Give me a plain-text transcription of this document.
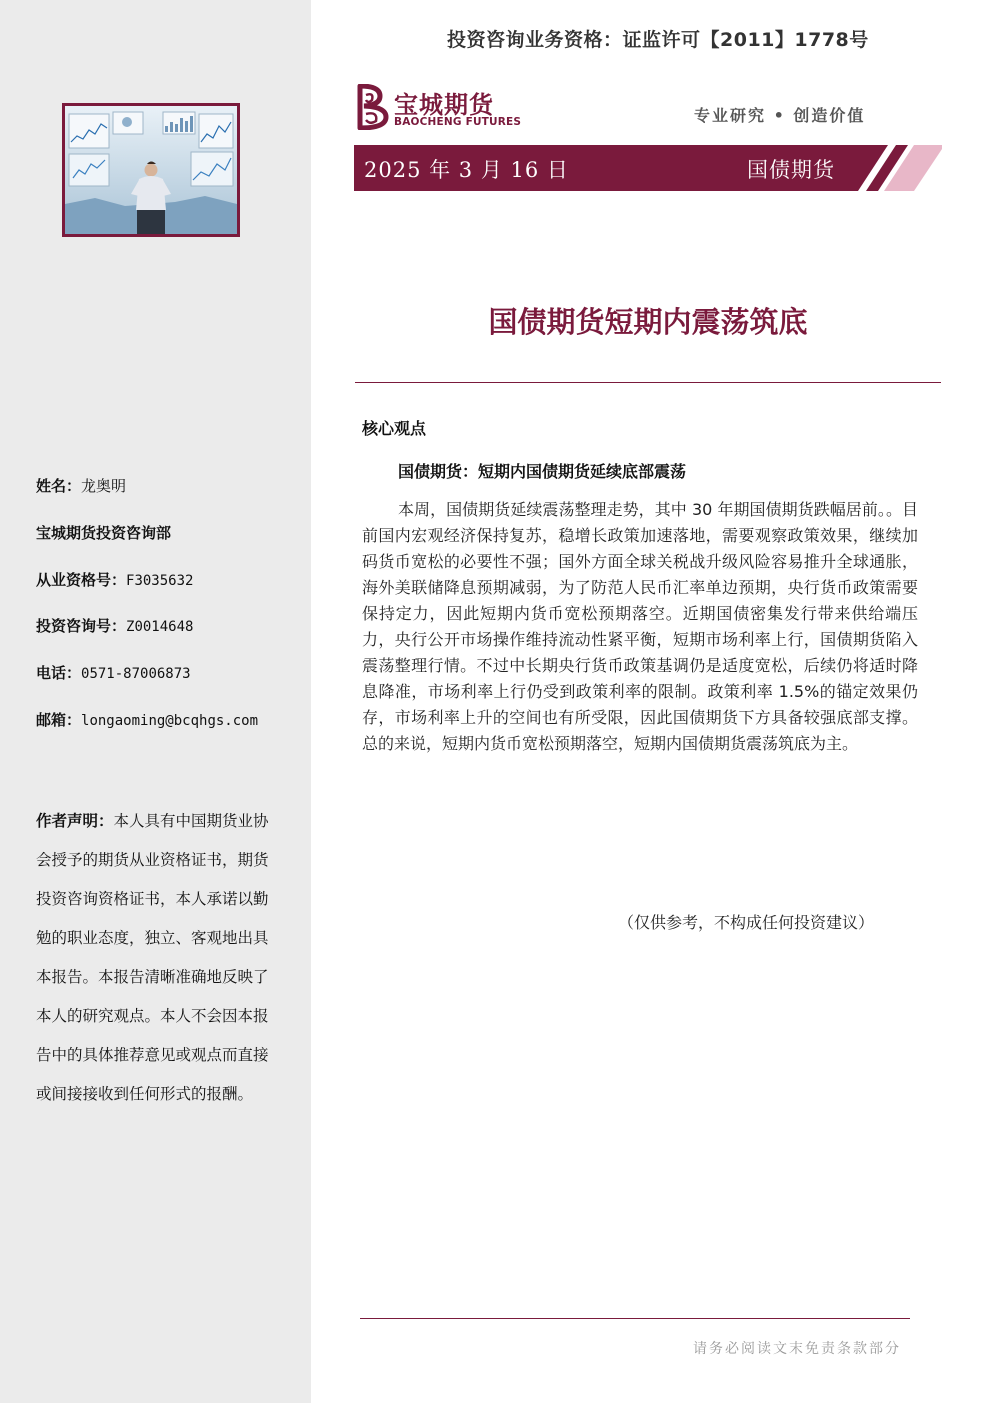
姓名：龙奥明
宝城期货投资咨询部
从业资格号：F3035632
投资咨询号：Z0014648
电话：0571-87006873
邮箱：longaoming@bcqhgs.com
作者声明：本人具有中国期货业协会授予的期货从业资格证书，期货投资咨询资格证书，本人承诺以勤勉的职业态度，独立、客观地出具本报告。本报告清晰准确地反映了本人的研究观点。本人不会因本报告中的具体推荐意见或观点而直接或间接接收到任何形式的报酬。
投资咨询业务资格：证监许可【2011】1778号
宝城期货
BAOCHENG FUTURES	专业研究 • 创造价值
2025 年 3 月 16 日	国债期货
国债期货短期内震荡筑底
核心观点
国债期货：短期内国债期货延续底部震荡
本周，国债期货延续震荡整理走势，其中 30 年期国债期货跌幅居前。。目前国内宏观经济保持复苏，稳增长政策加速落地，需要观察政策效果，继续加码货币宽松的必要性不强；国外方面全球关税战升级风险容易推升全球通胀，海外美联储降息预期减弱，为了防范人民币汇率单边预期，央行货币政策需要保持定力，因此短期内货币宽松预期落空。近期国债密集发行带来供给端压力，央行公开市场操作维持流动性紧平衡，短期市场利率上行，国债期货陷入震荡整理行情。不过中长期央行货币政策基调仍是适度宽松，后续仍将适时降息降准，市场利率上行仍受到政策利率的限制。政策利率 1.5%的锚定效果仍存，市场利率上升的空间也有所受限，因此国债期货下方具备较强底部支撑。总的来说，短期内货币宽松预期落空，短期内国债期货震荡筑底为主。
（仅供参考，不构成任何投资建议）
请务必阅读文末免责条款部分
